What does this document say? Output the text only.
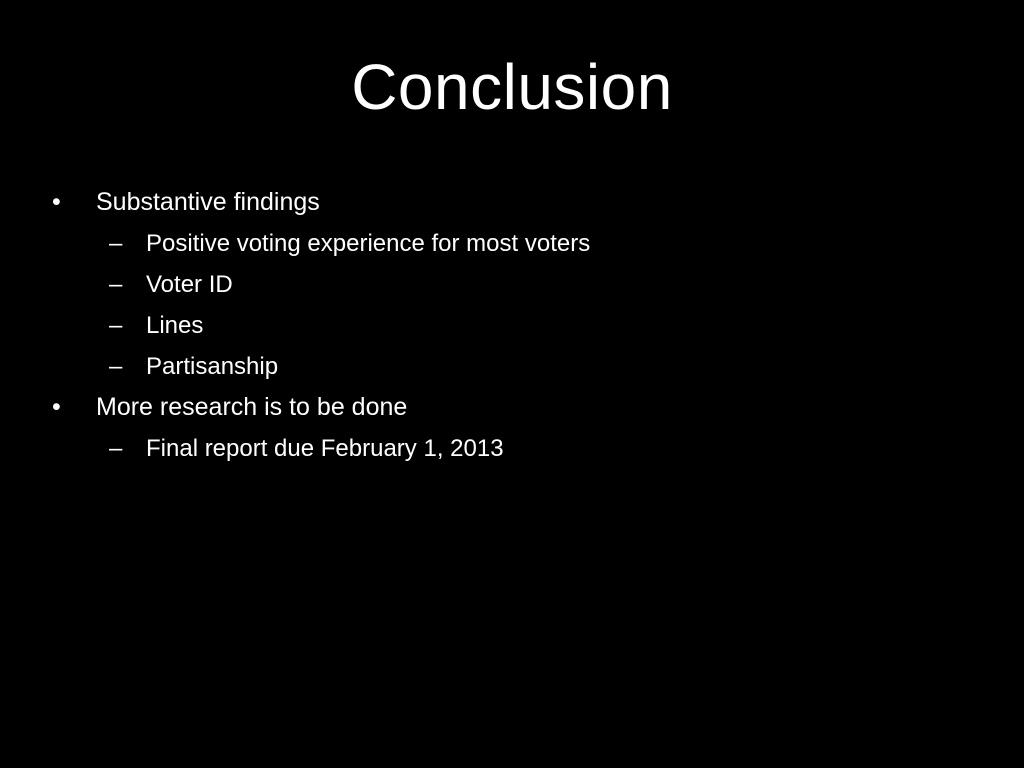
Conclusion
•	Substantive findings
– Positive voting experience for most voters
– Voter ID
– Lines
– Partisanship
•	More research is to be done
– Final report due February 1, 2013
